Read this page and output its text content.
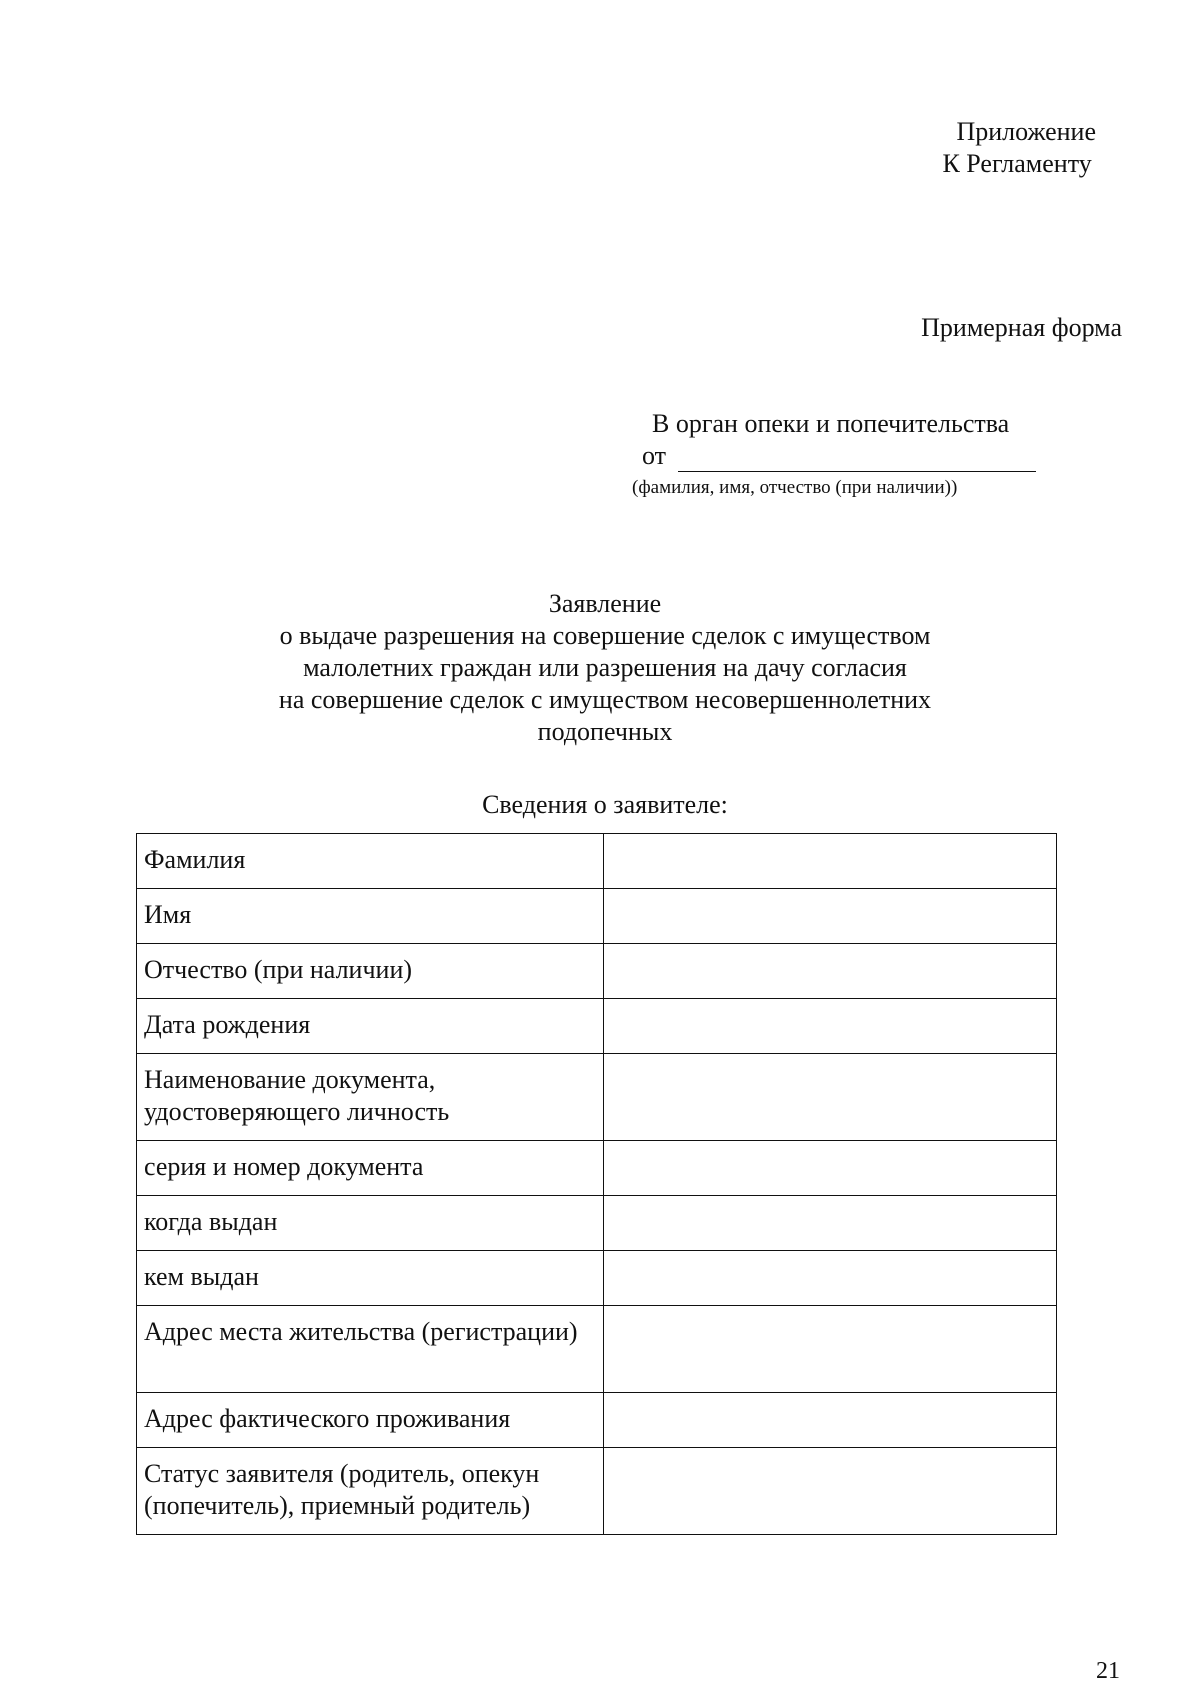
Приложение
К Регламенту
Примерная форма
В орган опеки и попечительства
от
(фамилия, имя, отчество (при наличии))
Заявление
о выдаче разрешения на совершение сделок с имуществом
малолетних граждан или разрешения на дачу согласия
на совершение сделок с имуществом несовершеннолетних
подопечных
Сведения о заявителе:
Фамилия	
Имя	
Отчество (при наличии)	
Дата рождения	
Наименование документа, удостоверяющего личность	
серия и номер документа	
когда выдан	
кем выдан	
Адрес места жительства (регистрации)	
Адрес фактического проживания	
Статус заявителя (родитель, опекун (попечитель), приемный родитель)	
21
